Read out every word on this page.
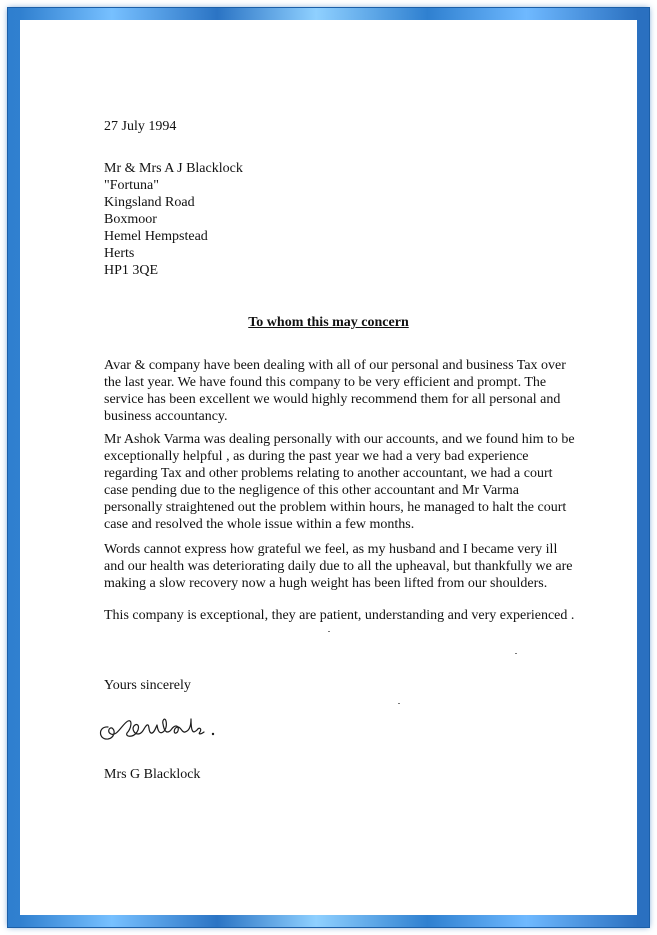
27 July 1994
Mr & Mrs A J Blacklock
"Fortuna"
Kingsland Road
Boxmoor
Hemel Hempstead
Herts
HP1 3QE
To whom this may concern
Avar & company have been dealing with all of our personal and business Tax over
the last year. We have found this company to be very efficient and prompt. The
service has been excellent we would highly recommend them for all personal and
business accountancy.
Mr Ashok Varma was dealing personally with our accounts, and we found him to be
exceptionally helpful , as during the past year we had a very bad experience
regarding Tax and other problems relating to another accountant, we had a court
case pending due to the negligence of this other accountant and Mr Varma
personally straightened out the problem within hours, he managed to halt the court
case and resolved the whole issue within a few months.
Words cannot express how grateful we feel, as my husband and I became very ill
and our health was deteriorating daily due to all the upheaval, but thankfully we are
making a slow recovery now a hugh weight has been lifted from our shoulders.
This company is exceptional, they are patient, understanding and very experienced .
Yours sincerely
Mrs G Blacklock
